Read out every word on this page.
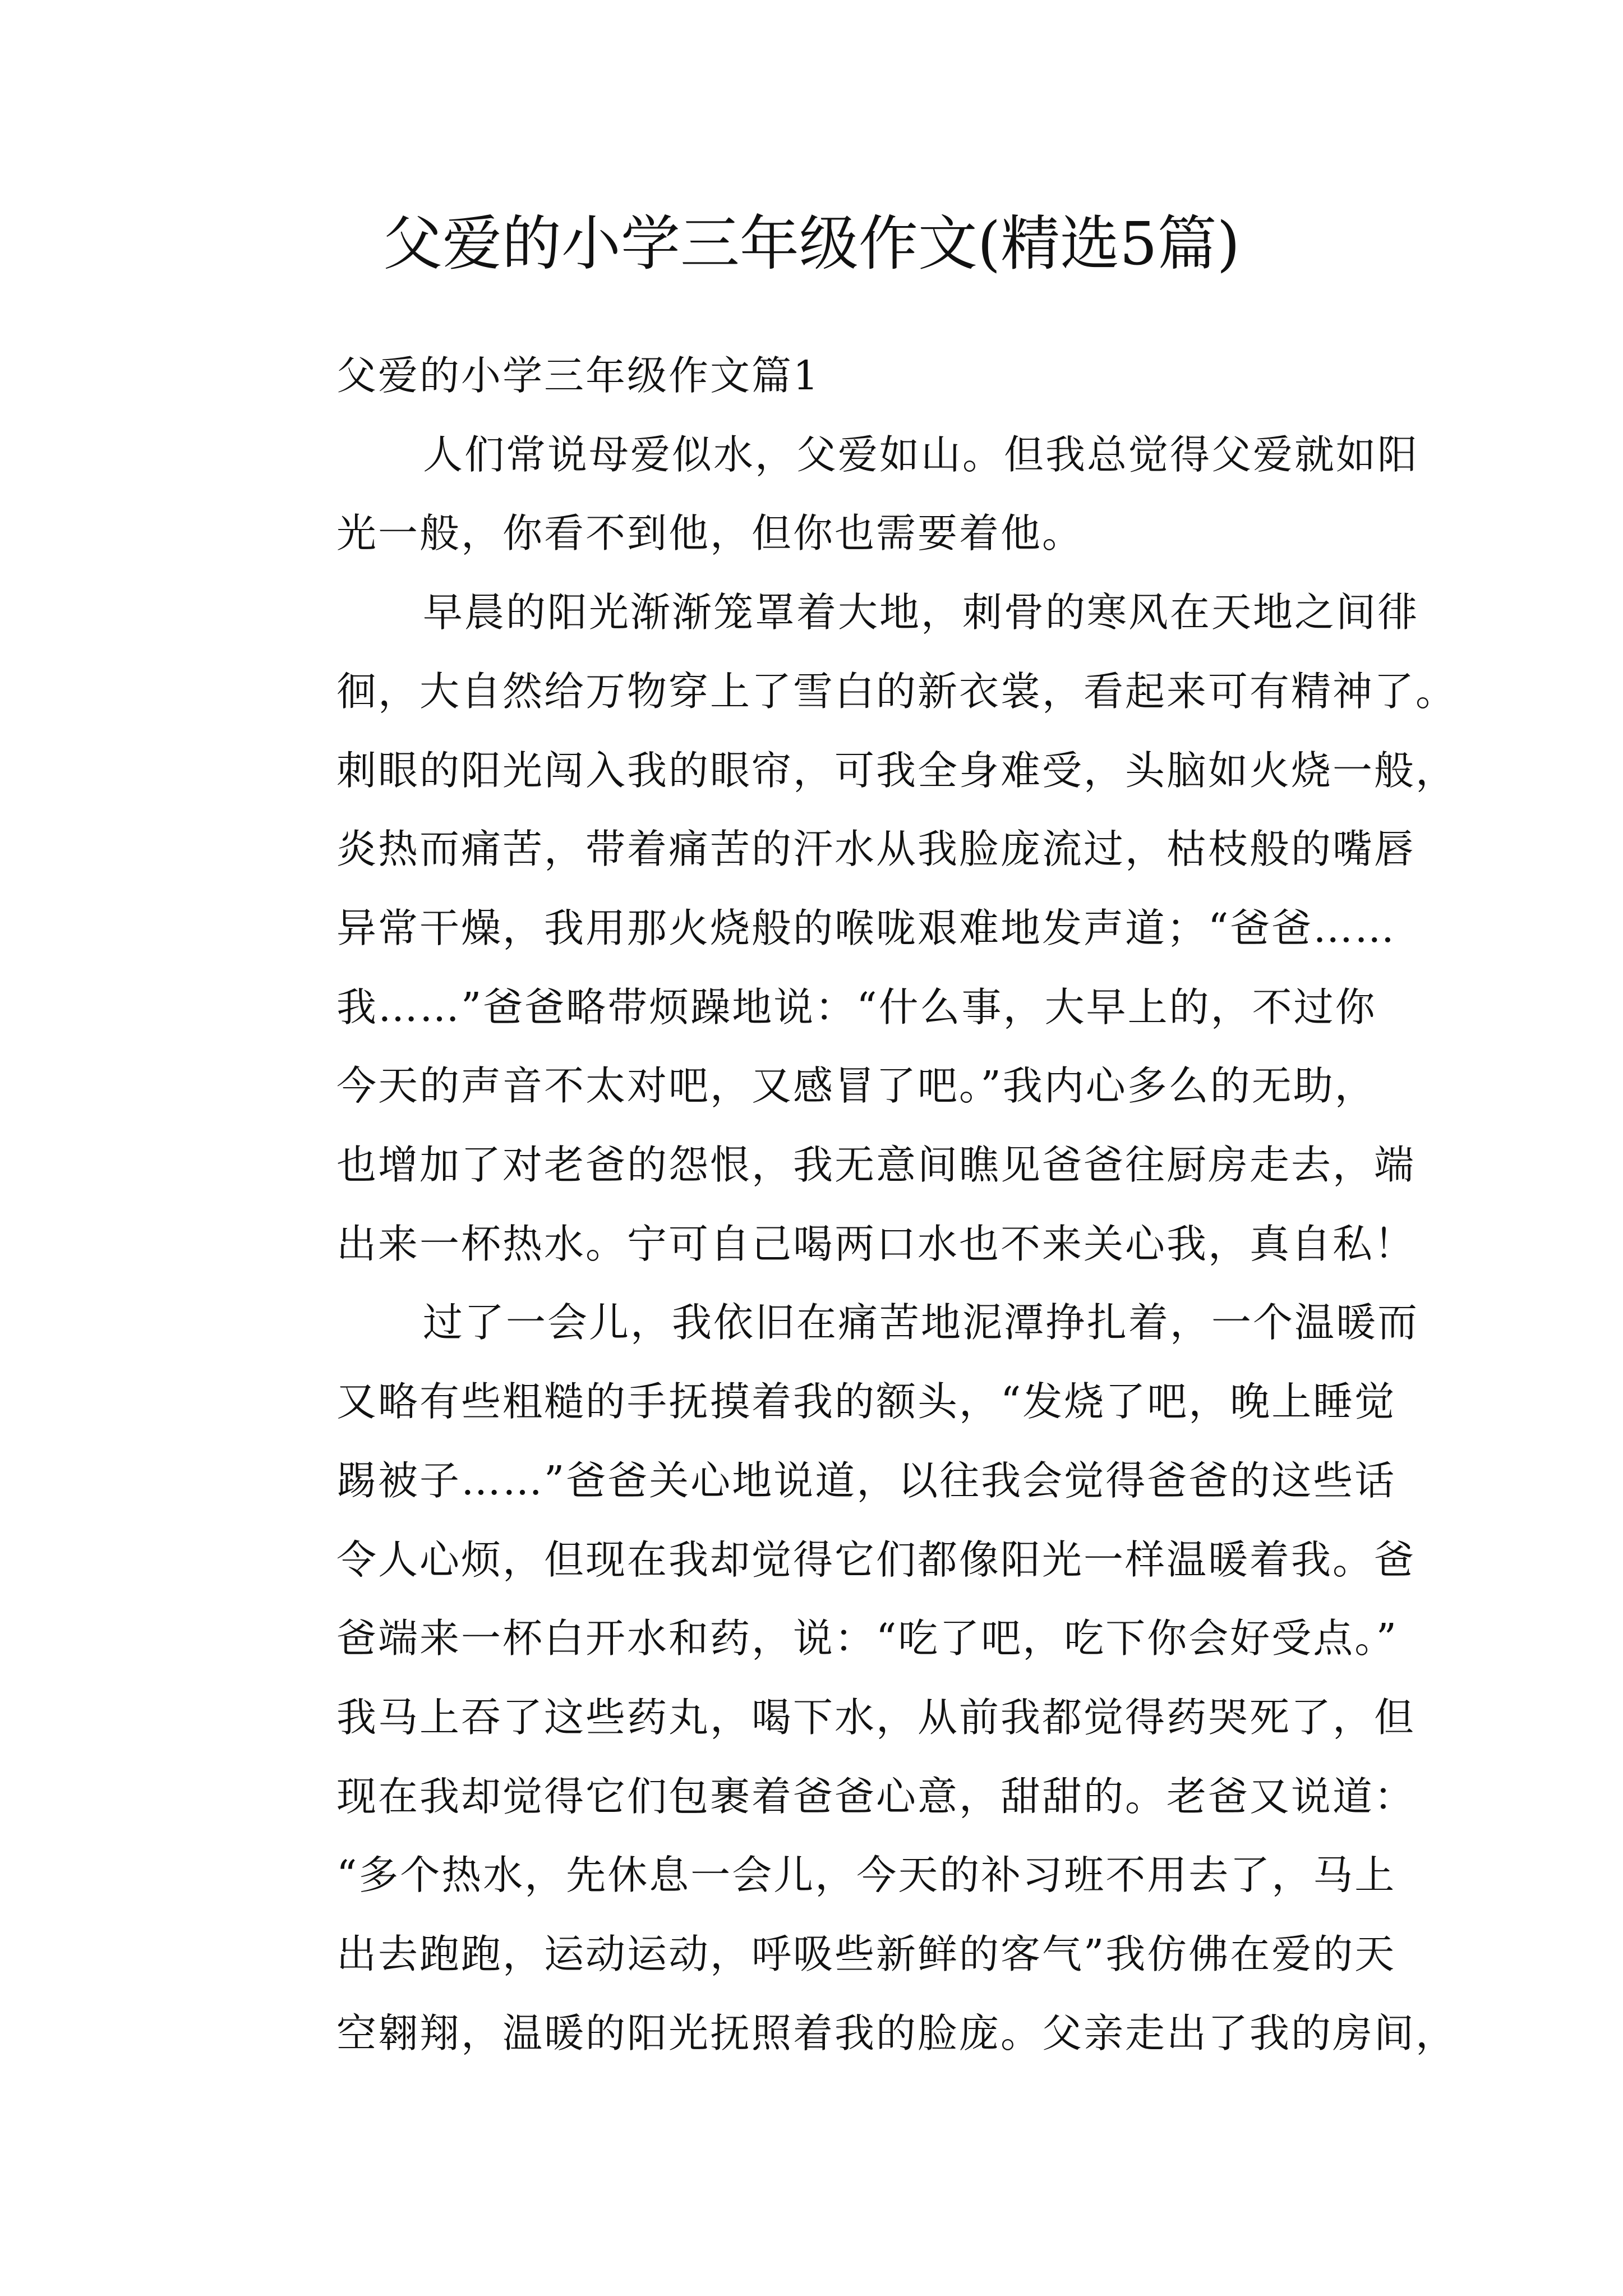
父爱的小学三年级作文(精选5篇)
父爱的小学三年级作文篇1

人们常说母爱似水，父爱如山。但我总觉得父爱就如阳
光一般，你看不到他，但你也需要着他。

早晨的阳光渐渐笼罩着大地，刺骨的寒风在天地之间徘
徊，大自然给万物穿上了雪白的新衣裳，看起来可有精神了。
刺眼的阳光闯入我的眼帘，可我全身难受，头脑如火烧一般，
炎热而痛苦，带着痛苦的汗水从我脸庞流过，枯枝般的嘴唇
异常干燥，我用那火烧般的喉咙艰难地发声道；“爸爸……
我……”爸爸略带烦躁地说：“什么事，大早上的，不过你
今天的声音不太对吧，又感冒了吧。”我内心多么的无助，
也增加了对老爸的怨恨，我无意间瞧见爸爸往厨房走去，端
出来一杯热水。宁可自己喝两口水也不来关心我，真自私！

过了一会儿，我依旧在痛苦地泥潭挣扎着，一个温暖而
又略有些粗糙的手抚摸着我的额头，“发烧了吧，晚上睡觉
踢被子……”爸爸关心地说道，以往我会觉得爸爸的这些话
令人心烦，但现在我却觉得它们都像阳光一样温暖着我。爸
爸端来一杯白开水和药，说：“吃了吧，吃下你会好受点。”
我马上吞了这些药丸，喝下水，从前我都觉得药哭死了，但
现在我却觉得它们包裹着爸爸心意，甜甜的。老爸又说道：
“多个热水，先休息一会儿，今天的补习班不用去了，马上
出去跑跑，运动运动，呼吸些新鲜的客气”我仿佛在爱的天
空翱翔，温暖的阳光抚照着我的脸庞。父亲走出了我的房间，
